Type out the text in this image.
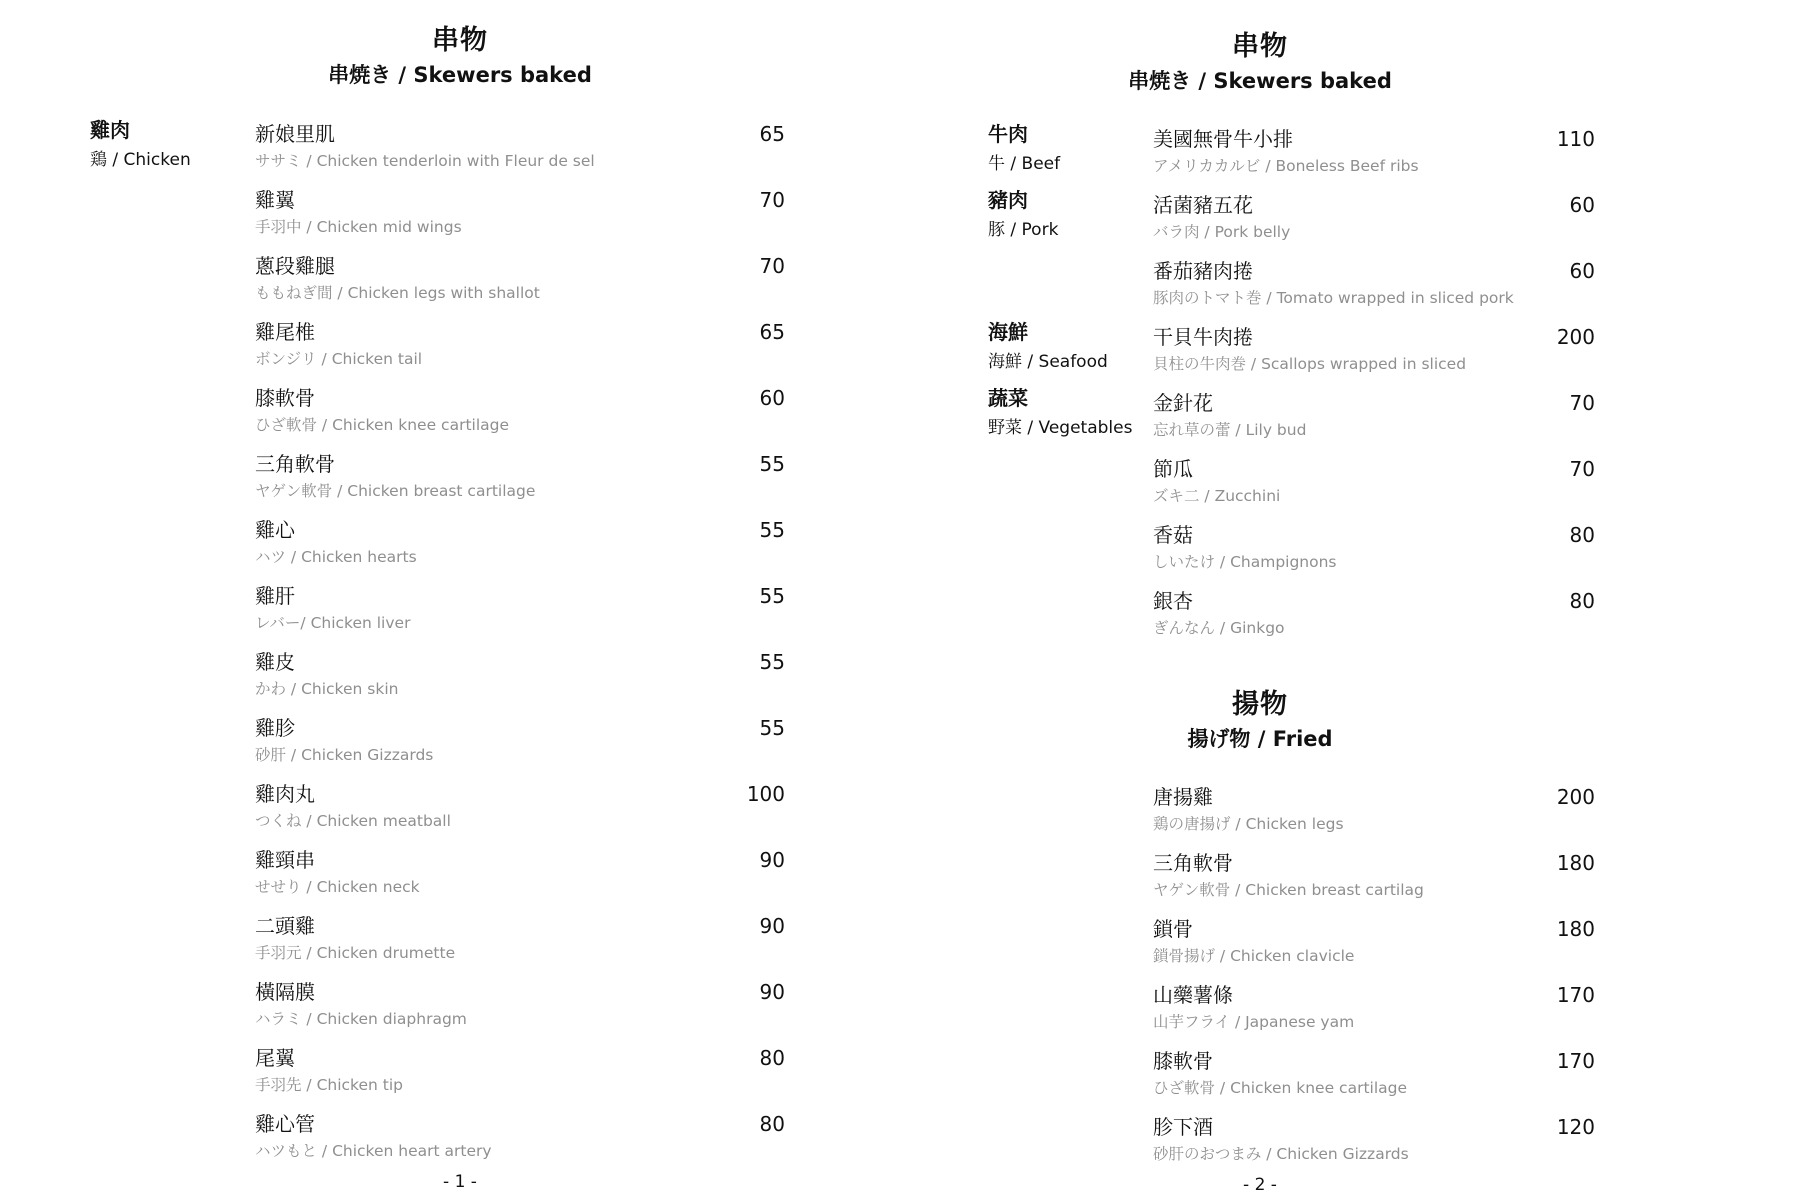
串物
串焼き / Skewers baked
雞肉
鶏 / Chicken
新娘里肌
ササミ / Chicken tenderloin with Fleur de sel
65
雞翼
手羽中 / Chicken mid wings
70
蔥段雞腿
ももねぎ間 / Chicken legs with shallot
70
雞尾椎
ボンジリ / Chicken tail
65
膝軟骨
ひざ軟骨 / Chicken knee cartilage
60
三角軟骨
ヤゲン軟骨 / Chicken breast cartilage
55
雞心
ハツ / Chicken hearts
55
雞肝
レバー/ Chicken liver
55
雞皮
かわ / Chicken skin
55
雞胗
砂肝 / Chicken Gizzards
55
雞肉丸
つくね / Chicken meatball
100
雞頸串
せせり / Chicken neck
90
二頭雞
手羽元 / Chicken drumette
90
橫隔膜
ハラミ / Chicken diaphragm
90
尾翼
手羽先 / Chicken tip
80
雞心管
ハツもと / Chicken heart artery
80
- 1 -
串物
串焼き / Skewers baked
牛肉
牛 / Beef
豬肉
豚 / Pork
海鮮
海鮮 / Seafood
蔬菜
野菜 / Vegetables
美國無骨牛小排
アメリカカルビ / Boneless Beef ribs
110
活菌豬五花
バラ肉 / Pork belly
60
番茄豬肉捲
豚肉のトマト巻 / Tomato wrapped in sliced pork
60
干貝牛肉捲
貝柱の牛肉巻 / Scallops wrapped in sliced
200
金針花
忘れ草の蕾 / Lily bud
70
節瓜
ズキ二 / Zucchini
70
香菇
しいたけ / Champignons
80
銀杏
ぎんなん / Ginkgo
80
揚物
揚げ物 / Fried
唐揚雞
鶏の唐揚げ / Chicken legs
200
三角軟骨
ヤゲン軟骨 / Chicken breast cartilag
180
鎖骨
鎖骨揚げ / Chicken clavicle
180
山藥薯條
山芋フライ / Japanese yam
170
膝軟骨
ひざ軟骨 / Chicken knee cartilage
170
胗下酒
砂肝のおつまみ / Chicken Gizzards
120
- 2 -
